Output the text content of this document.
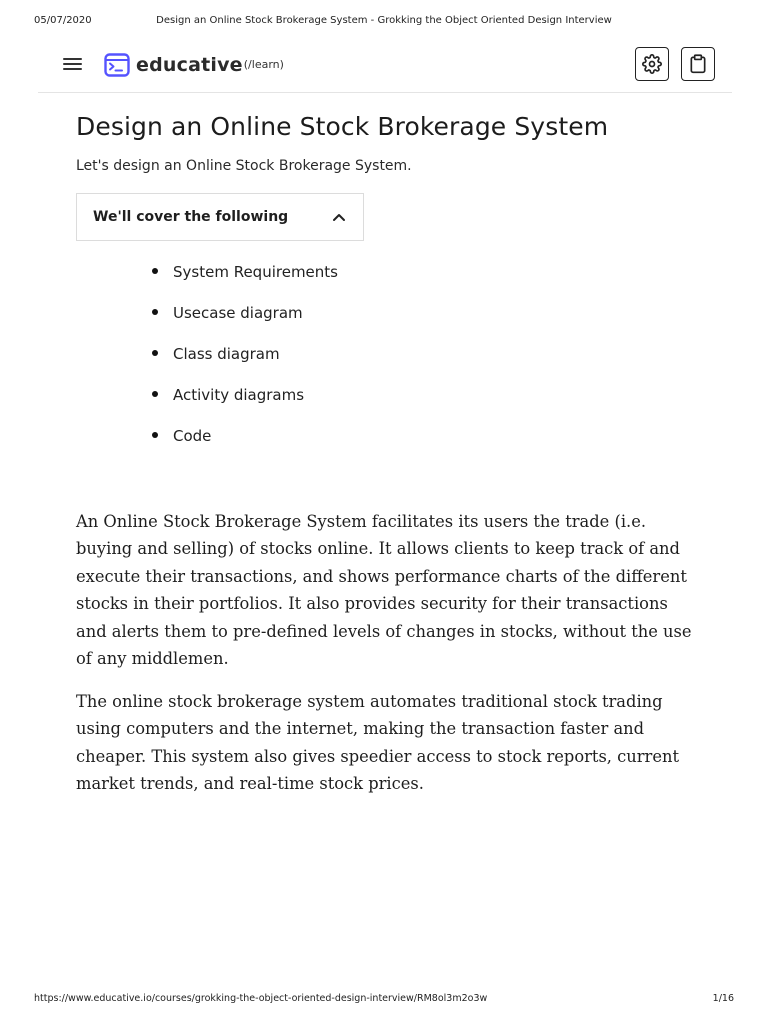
05/07/2020	Design an Online Stock Brokerage System - Grokking the Object Oriented Design Interview
educative (/learn)
Design an Online Stock Brokerage System

Let's design an Online Stock Brokerage System.

We'll cover the following
System Requirements
Usecase diagram
Class diagram
Activity diagrams
Code

An Online Stock Brokerage System facilitates its users the trade (i.e. buying and selling) of stocks online. It allows clients to keep track of and execute their transactions, and shows performance charts of the different stocks in their portfolios. It also provides security for their transactions and alerts them to pre-defined levels of changes in stocks, without the use of any middlemen.

The online stock brokerage system automates traditional stock trading using computers and the internet, making the transaction faster and cheaper. This system also gives speedier access to stock reports, current market trends, and real-time stock prices.

https://www.educative.io/courses/grokking-the-object-oriented-design-interview/RM8ol3m2o3w	1/16
